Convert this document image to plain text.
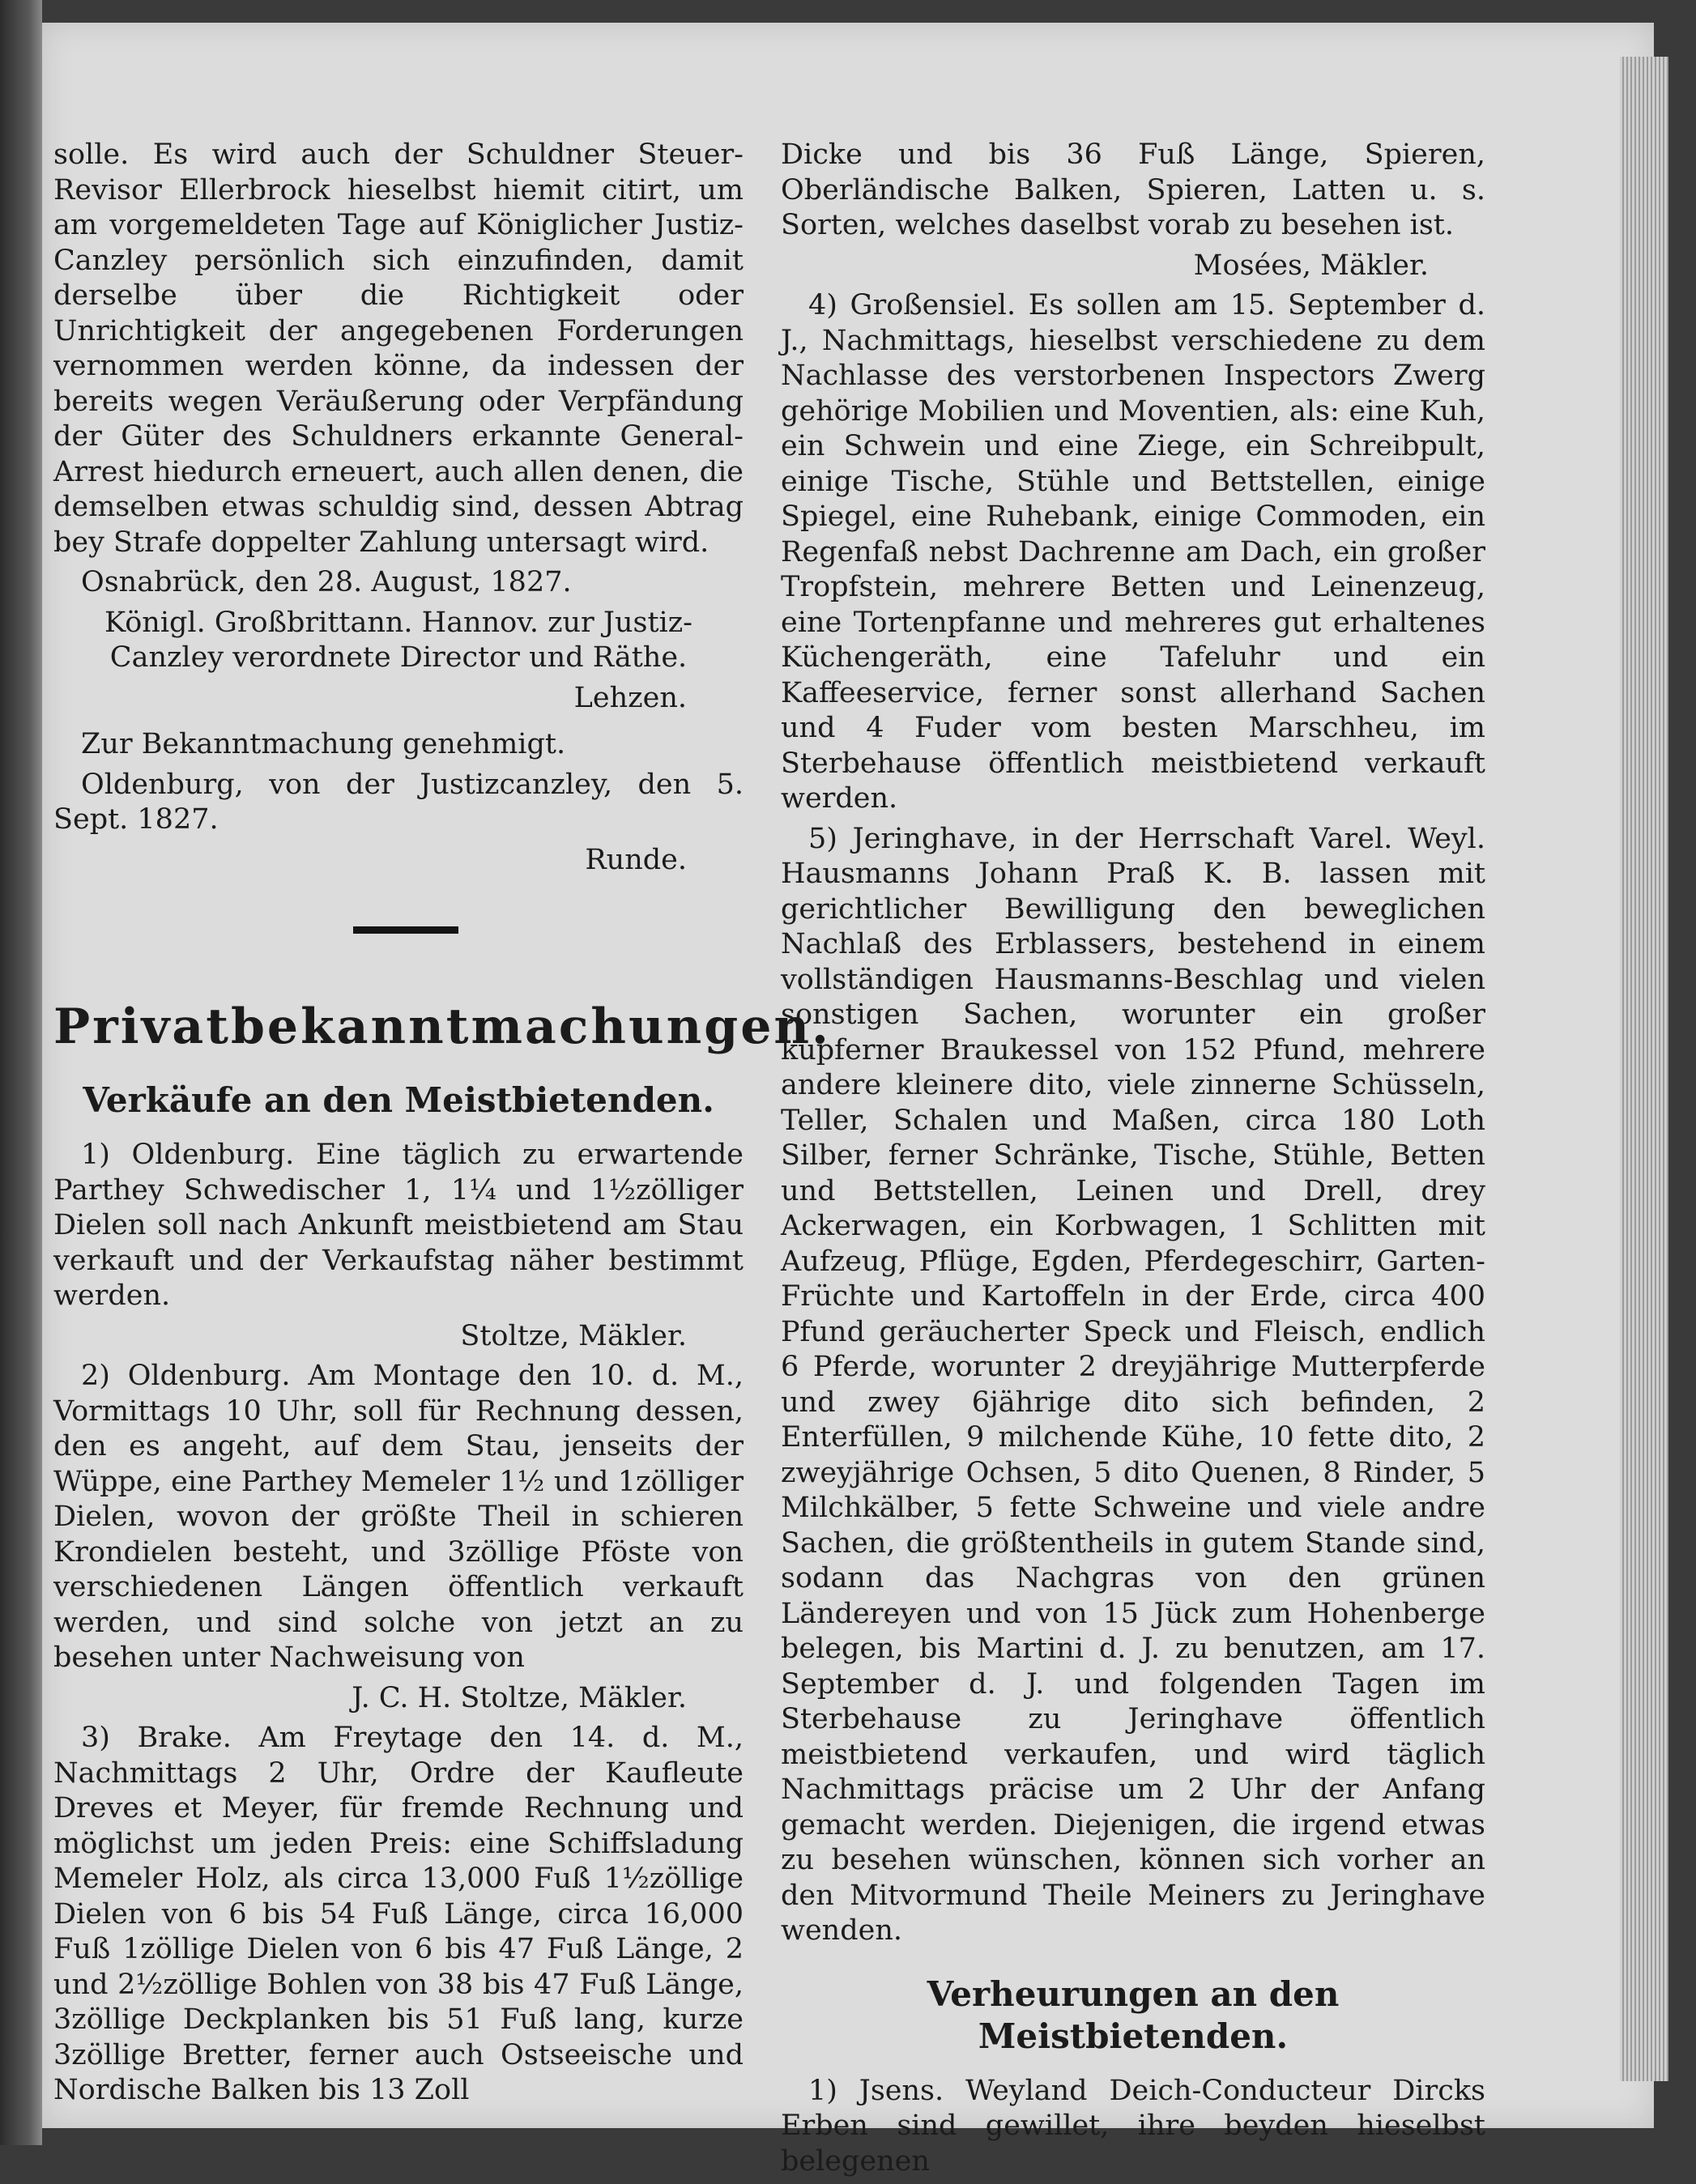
solle. Es wird auch der Schuldner Steuer-Revisor Ellerbrock hieselbst hiemit citirt, um am vorgemeldeten Tage auf Königlicher Justiz-Canzley persönlich sich einzufinden, damit derselbe über die Richtigkeit oder Unrichtigkeit der angegebenen Forderungen vernommen werden könne, da indessen der bereits wegen Veräußerung oder Verpfändung der Güter des Schuldners erkannte General-Arrest hiedurch erneuert, auch allen denen, die demselben etwas schuldig sind, dessen Abtrag bey Strafe doppelter Zahlung untersagt wird.

Osnabrück, den 28. August, 1827.

Königl. Großbrittann. Hannov. zur Justiz-Canzley verordnete Director und Räthe.

Lehzen.

Zur Bekanntmachung genehmigt.

Oldenburg, von der Justizcanzley, den 5. Sept. 1827.

Runde.

Privatbekanntmachungen.
Verkäufe an den Meistbietenden.

1) Oldenburg. Eine täglich zu erwartende Parthey Schwedischer 1, 1¼ und 1½zölliger Dielen soll nach Ankunft meistbietend am Stau verkauft und der Verkaufstag näher bestimmt werden.

Stoltze, Mäkler.

2) Oldenburg. Am Montage den 10. d. M., Vormittags 10 Uhr, soll für Rechnung dessen, den es angeht, auf dem Stau, jenseits der Wüppe, eine Parthey Memeler 1½ und 1zölliger Dielen, wovon der größte Theil in schieren Krondielen besteht, und 3zöllige Pföste von verschiedenen Längen öffentlich verkauft werden, und sind solche von jetzt an zu besehen unter Nachweisung von

J. C. H. Stoltze, Mäkler.

3) Brake. Am Freytage den 14. d. M., Nachmittags 2 Uhr, Ordre der Kaufleute Dreves et Meyer, für fremde Rechnung und möglichst um jeden Preis: eine Schiffsladung Memeler Holz, als circa 13,000 Fuß 1½zöllige Dielen von 6 bis 54 Fuß Länge, circa 16,000 Fuß 1zöllige Dielen von 6 bis 47 Fuß Länge, 2 und 2½zöllige Bohlen von 38 bis 47 Fuß Länge, 3zöllige Deckplanken bis 51 Fuß lang, kurze 3zöllige Bretter, ferner auch Ostseeische und Nordische Balken bis 13 Zoll

Dicke und bis 36 Fuß Länge, Spieren, Oberländische Balken, Spieren, Latten u. s. Sorten, welches daselbst vorab zu besehen ist.

Mosées, Mäkler.

4) Großensiel. Es sollen am 15. September d. J., Nachmittags, hieselbst verschiedene zu dem Nachlasse des verstorbenen Inspectors Zwerg gehörige Mobilien und Moventien, als: eine Kuh, ein Schwein und eine Ziege, ein Schreibpult, einige Tische, Stühle und Bettstellen, einige Spiegel, eine Ruhebank, einige Commoden, ein Regenfaß nebst Dachrenne am Dach, ein großer Tropfstein, mehrere Betten und Leinenzeug, eine Tortenpfanne und mehreres gut erhaltenes Küchengeräth, eine Tafeluhr und ein Kaffeeservice, ferner sonst allerhand Sachen und 4 Fuder vom besten Marschheu, im Sterbehause öffentlich meistbietend verkauft werden.

5) Jeringhave, in der Herrschaft Varel. Weyl. Hausmanns Johann Praß K. B. lassen mit gerichtlicher Bewilligung den beweglichen Nachlaß des Erblassers, bestehend in einem vollständigen Hausmanns-Beschlag und vielen sonstigen Sachen, worunter ein großer kupferner Braukessel von 152 Pfund, mehrere andere kleinere dito, viele zinnerne Schüsseln, Teller, Schalen und Maßen, circa 180 Loth Silber, ferner Schränke, Tische, Stühle, Betten und Bettstellen, Leinen und Drell, drey Ackerwagen, ein Korbwagen, 1 Schlitten mit Aufzeug, Pflüge, Egden, Pferdegeschirr, Garten-Früchte und Kartoffeln in der Erde, circa 400 Pfund geräucherter Speck und Fleisch, endlich 6 Pferde, worunter 2 dreyjährige Mutterpferde und zwey 6jährige dito sich befinden, 2 Enterfüllen, 9 milchende Kühe, 10 fette dito, 2 zweyjährige Ochsen, 5 dito Quenen, 8 Rinder, 5 Milchkälber, 5 fette Schweine und viele andre Sachen, die größtentheils in gutem Stande sind, sodann das Nachgras von den grünen Ländereyen und von 15 Jück zum Hohenberge belegen, bis Martini d. J. zu benutzen, am 17. September d. J. und folgenden Tagen im Sterbehause zu Jeringhave öffentlich meistbietend verkaufen, und wird täglich Nachmittags präcise um 2 Uhr der Anfang gemacht werden. Diejenigen, die irgend etwas zu besehen wünschen, können sich vorher an den Mitvormund Theile Meiners zu Jeringhave wenden.

Verheurungen an den Meistbietenden.

1) Jsens. Weyland Deich-Conducteur Dircks Erben sind gewillet, ihre beyden hieselbst belegenen
